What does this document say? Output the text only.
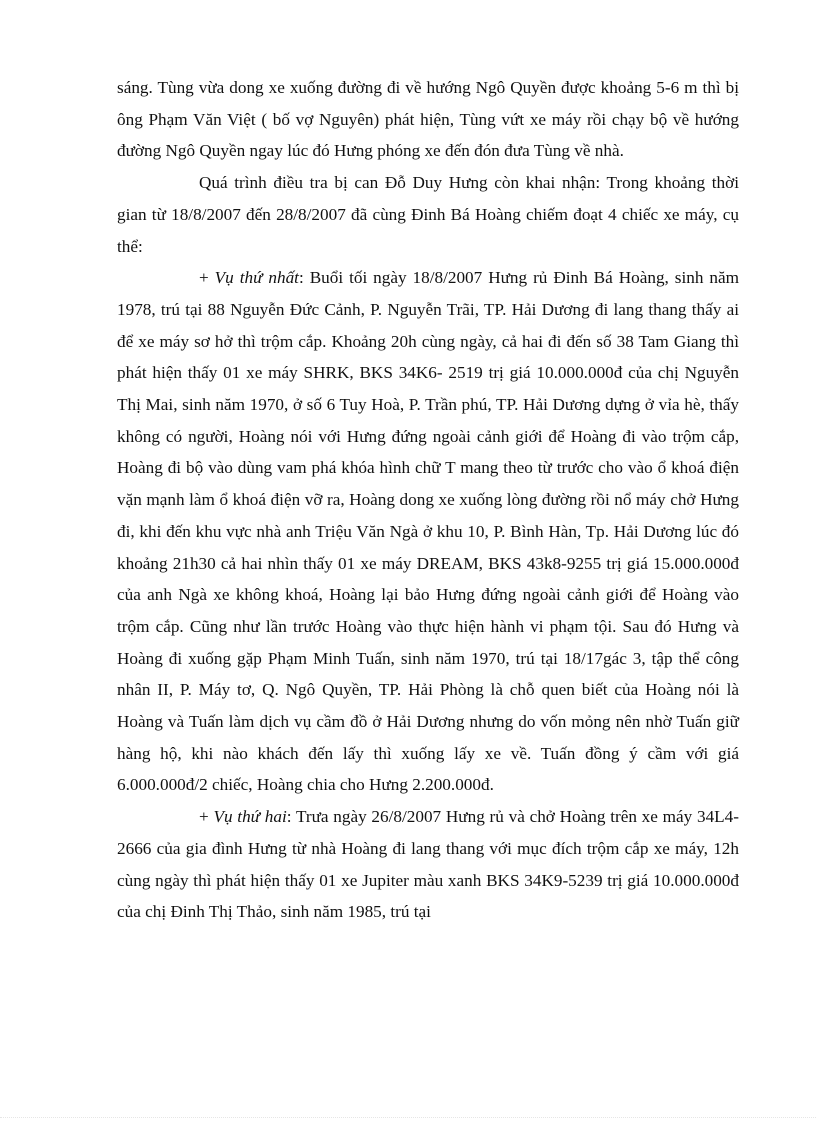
sáng. Tùng vừa dong xe xuống đường đi về hướng Ngô Quyền được khoảng 5-6 m thì bị ông Phạm Văn Việt ( bố vợ Nguyên) phát hiện, Tùng vứt xe máy rồi chạy bộ về hướng đường Ngô Quyền ngay lúc đó Hưng phóng xe đến đón đưa Tùng về nhà.

Quá trình điều tra bị can Đỗ Duy Hưng còn khai nhận: Trong khoảng thời gian từ 18/8/2007 đến 28/8/2007 đã cùng Đinh Bá Hoàng chiếm đoạt 4 chiếc xe máy, cụ thể:

+ Vụ thứ nhất: Buổi tối ngày 18/8/2007 Hưng rủ Đinh Bá Hoàng, sinh năm 1978, trú tại 88 Nguyễn Đức Cảnh, P. Nguyễn Trãi, TP. Hải Dương đi lang thang thấy ai để xe máy sơ hở thì trộm cắp. Khoảng 20h cùng ngày, cả hai đi đến số 38 Tam Giang thì phát hiện thấy 01 xe máy SHRK, BKS 34K6- 2519 trị giá 10.000.000đ của chị Nguyễn Thị Mai, sinh năm 1970, ở số 6 Tuy Hoà, P. Trần phú, TP. Hải Dương dựng ở vỉa hè, thấy không có người, Hoàng nói với Hưng đứng ngoài cảnh giới để Hoàng đi vào trộm cắp, Hoàng đi bộ vào dùng vam phá khóa hình chữ T mang theo từ trước cho vào ổ khoá điện vặn mạnh làm ổ khoá điện vỡ ra, Hoàng dong xe xuống lòng đường rồi nổ máy chở Hưng đi, khi đến khu vực nhà anh Triệu Văn Ngà ở khu 10, P. Bình Hàn, Tp. Hải Dương lúc đó khoảng 21h30 cả hai nhìn thấy 01 xe máy DREAM, BKS 43k8-9255 trị giá 15.000.000đ của anh Ngà xe không khoá, Hoàng lại bảo Hưng đứng ngoài cảnh giới để Hoàng vào trộm cắp. Cũng như lần trước Hoàng vào thực hiện hành vi phạm tội. Sau đó Hưng và Hoàng đi xuống gặp Phạm Minh Tuấn, sinh năm 1970, trú tại 18/17gác 3, tập thể công nhân II, P. Máy tơ, Q. Ngô Quyền, TP. Hải Phòng là chỗ quen biết của Hoàng nói là Hoàng và Tuấn làm dịch vụ cầm đồ ở Hải Dương nhưng do vốn mỏng nên nhờ Tuấn giữ hàng hộ, khi nào khách đến lấy thì xuống lấy xe về. Tuấn đồng ý cầm với giá 6.000.000đ/2 chiếc, Hoàng chia cho Hưng 2.200.000đ.

+ Vụ thứ hai: Trưa ngày 26/8/2007 Hưng rủ và chở Hoàng trên xe máy 34L4-2666 của gia đình Hưng từ nhà Hoàng đi lang thang với mục đích trộm cắp xe máy, 12h cùng ngày thì phát hiện thấy 01 xe Jupiter màu xanh BKS 34K9-5239 trị giá 10.000.000đ của chị Đinh Thị Thảo, sinh năm 1985, trú tại
